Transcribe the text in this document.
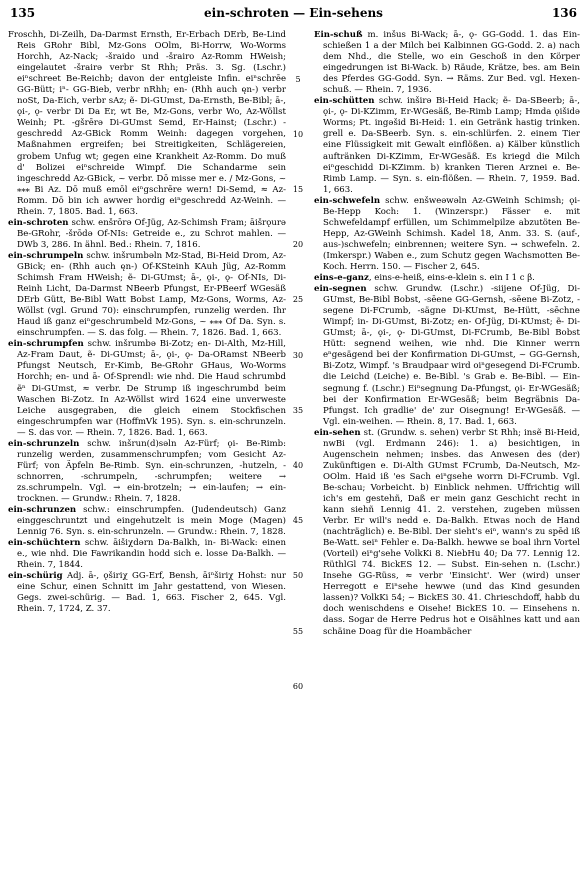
135	ein-schroten — Ein-sehens	136

Froschh, Di-Zeilh, Da-Darmst Ernsth, Er-Erbach DErb, Be-Lind Reis GRohr Bibl, Mz-Gons OOlm, Bi-Horrw, Wo-Worms Horchh, Az-Nack; -šraido und -šrairo Az-Romm HWeish; eingelautet -šrairə verbr St Rhh; Präs. 3. Sg. (Lschr.) eiⁿschreet Be-Reichb; davon der entgleiste Infin. eiⁿschrēe GG-Bütt; iⁿ- GG-Bieb, verbr nRhh; en- (Rhh auch ęn-) verbr noSt, Da-Eich, verbr sAz; ẽ- Di-GUmst, Da-Ernsth, Be-Bibl; ā-, ǫi-, ǫ- verbr Di Da Er, wt Be, Mz-Gons, verbr Wo, Az-Wöllst Weinh; Pt. -gšrērə Di-GUmst Semd, Er-Hainst; (Lschr.) -geschredd Az-GBick Romm Weinh: dagegen vorgehen, Maßnahmen ergreifen; bei Streitigkeiten, Schlägereien, grobem Unfug wt; gegen eine Krankheit Az-Romm. Do muß d' Bolizei eiⁿschreide Wimpf. Die Schandarme sein ingeschredd Az-GBick, ~ verbr. Dō misse mer e. / Mz-Gons, ~ ⁎⁎⁎ Bi Az. Dō muß emōl eiⁿgschrēre wern! Di-Semd, ≈ Az-Romm. Dō bin ich awwer hordig eiⁿgeschredd Az-Weinh. — Rhein. 7, 1805. Bad. 1, 663.

ein-schroten schw. enšrōrə Of-Jüg, Az-Schimsh Fram; āišrǫurə Be-GRohr, -šrōdə Of-NIs: Getreide e., zu Schrot mahlen. — DWb 3, 286. In ähnl. Bed.: Rhein. 7, 1816.

ein-schrumpeln schw. inšrumbəln Mz-Stad, Bi-Heid Drom, Az-GBick; en- (Rhh auch ęn-) Of-KSteinh KAuh Jüg, Az-Romm Schimsh Fram HWeish; ẽ- Di-GUmst; ā-, ǫi-, ǫ- Of-NIs, Di-Reinh Licht, Da-Darmst NBeerb Pfungst, Er-PBeerf WGesäß DErb Gütt, Be-Bibl Watt Bobst Lamp, Mz-Gons, Worms, Az-Wöllst (vgl. Grund 70): einschrumpfen, runzelig werden. Ihr Haud iß ganz eiⁿgeschrumbeld Mz-Gons, ~ ⁎⁎⁎ Of Da. Syn. s. einschrumpfen. — S. das folg. — Rhein. 7, 1826. Bad. 1, 663.

ein-schrumpfen schw. inšrumbə Bi-Zotz; en- Di-Alth, Mz-Hill, Az-Fram Daut, ẽ- Di-GUmst; ā-, ǫi-, ǫ- Da-ORamst NBeerb Pfungst Neutsch, Er-Kimb, Be-GRohr GHaus, Wo-Worms Horchh; en- und ā- Of-Sprendl: wie nhd. Die Haud schrumbd ẽⁿ Di-GUmst, ≈ verbr. De Strump iß ingeschrumbd beim Waschen Bi-Zotz. In Az-Wöllst wird 1624 eine unverweste Leiche ausgegraben, die gleich einem Stockfischen eingeschrumpfen war (HoffmVk 195). Syn. s. ein-schrunzeln. — S. das vor. — Rhein. 7, 1826. Bad. 1, 663.

ein-schrunzeln schw. inšrun(d)səln Az-Fürf; ǫi- Be-Rimb: runzelig werden, zusammenschrumpfen; vom Gesicht Az-Fürf; von Äpfeln Be-Rimb. Syn. ein-schrunzen, -hutzeln, -schnorren, -schrumpeln, -schrumpfen; weitere → zs.schrumpeln. Vgl. → ein-brotzeln; → ein-laufen; → ein-trocknen. — Grundw.: Rhein. 7, 1828.

ein-schrunzen schw.: einschrumpfen. (Judendeutsch) Ganz einggeschruntzt und eingehutzelt is mein Moge (Magen) Lennig 76. Syn. s. ein-schrunzeln. — Grundw.: Rhein. 7, 1828.

ein-schüchtern schw. āišiχdərn Da-Balkh, in- Bi-Wack: einen e., wie nhd. Die Fawrikandin hodd sich e. losse Da-Balkh. — Rhein. 7, 1844.

ein-schürig Adj. ā-, ǫširiχ GG-Erf, Bensh, āiⁿširiχ Hohst: nur eine Schur, einen Schnitt im Jahr gestattend, von Wiesen. Gegs. zwei-schürig. — Bad. 1, 663. Fischer 2, 645. Vgl. Rhein. 7, 1724, Z. 37.

5
10
15
20
25
30
35
40
45
50
55
60

Ein-schuß m. inšus Bi-Wack; ā-, ǫ- GG-Godd. 1. das Ein-schießen 1 a der Milch bei Kalbinnen GG-Godd. 2. a) nach dem Nhd., die Stelle, wo ein Geschoß in den Körper eingedrungen ist Bi-Wack. b) Räude, Krätze, bes. am Bein des Pferdes GG-Godd. Syn. → Räms. Zur Bed. vgl. Hexen-schuß. — Rhein. 7, 1936.

ein-schütten schw. inširə Bi-Heid Hack; ẽ- Da-SBeerb; ā-, ǫi-, ǫ- Di-KZimm, Er-WGesäß, Be-Rimb Lamp; Hmda ǫišidə Worms; Pt. ingəšid Bi-Heid: 1. ein Getränk hastig trinken. grell e. Da-SBeerb. Syn. s. ein-schlürfen. 2. einem Tier eine Flüssigkeit mit Gewalt einflößen. a) Kälber künstlich auftränken Di-KZimm, Er-WGesäß. Es kriegd die Milch eiⁿgeschidd Di-KZimm. b) kranken Tieren Arznei e. Be-Rimb Lamp. — Syn. s. ein-flößen. — Rhein. 7, 1959. Bad. 1, 663.

ein-schwefeln schw. enšweəwəln Az-GWeinh Schimsh; ǫi- Be-Hepp Koch: 1. (Winzerspr.) Fässer e. mit Schwefeldampf erfüllen, um Schimmelpilze abzutöten Be-Hepp, Az-GWeinh Schimsh. Kadel 18, Anm. 33. S. (auf-, aus-)schwefeln; einbrennen; weitere Syn. → schwefeln. 2. (Imkerspr.) Waben e., zum Schutz gegen Wachsmotten Be-Koch. Herrn. 150. — Fischer 2, 645.

eins-e-ganz, eins-e-heiß, eins-e-klein s. ein I 1 c β.

ein-segnen schw. Grundw. (Lschr.) -siijene Of-Jüg, Di-GUmst, Be-Bibl Bobst, -sēene GG-Gernsh, -sēene Bi-Zotz, -segene Di-FCrumb, -sägne Di-KUmst, Be-Hütt, -sēchne Wimpf; in- Di-GUmst, Bi-Zotz; en- Of-Jüg, Di-KUmst; ẽ- Di-GUmst; ā-, ǫi-, ǫ- Di-GUmst, Di-FCrumb, Be-Bibl Bobst Hütt: segnend weihen, wie nhd. Die Kinner werrn eⁿgesägend bei der Konfirmation Di-GUmst, ~ GG-Gernsh, Bi-Zotz, Wimpf. 's Braudpaar wird oiⁿgesegend Di-FCrumb. die Leichd (Leiche) e. Be-Bibl. 's Grab e. Be-Bibl. — Ein-segnung f. (Lschr.) Eiⁿsegnung Da-Pfungst, ǫi- Er-WGesäß; bei der Konfirmation Er-WGesäß; beim Begräbnis Da-Pfungst. Ich gradlie' de' zur Oisegnung! Er-WGesäß. — Vgl. ein-weihen. — Rhein. 8, 17. Bad. 1, 663.

ein-sehen st. (Grundw. s. sehen) verbr St Rhh; insẽ Bi-Heid, nwBi (vgl. Erdmann 246): 1. a) besichtigen, in Augenschein nehmen; insbes. das Anwesen des (der) Zukünftigen e. Di-Alth GUmst FCrumb, Da-Neutsch, Mz-OOlm. Haid iß 'es Sach eiⁿgsehe worrn Di-FCrumb. Vgl. Be-schau; Vorbeicht. b) Einblick nehmen. Uffrichtig will ich's em gestehñ, Daß er mein ganz Geschicht recht in kann siehñ Lennig 41. 2. verstehen, zugeben müssen Verbr. Er will's nedd e. Da-Balkh. Etwas noch de Hand (nachträglich) e. Be-Bibl. Der sieht's eiⁿ, wann's zu spēd iß Be-Watt. seiⁿ Fehler e. Da-Balkh. hewwe se boal ihrn Vortel (Vorteil) eiⁿg'sehe VolkKi 8. NiebHu 40; Da 77. Lennig 12. RüthlGl 74. BickES 12. — Subst. Ein-sehen n. (Lschr.) Insehe GG-Rüss, ≈ verbr 'Einsicht'. Wer (wird) unser Herregott e Eiⁿsehe hewwe (und das Kind gesunden lassen)? VolkKi 54; ~ BickES 30. 41. Chrieschdoff, habb du doch wenischdens e Oisehe! BickES 10. — Einsehens n. dass. Sogar de Herre Pedrus hot e Oisählnes katt und aan schäine Doag für die Hoambächer
